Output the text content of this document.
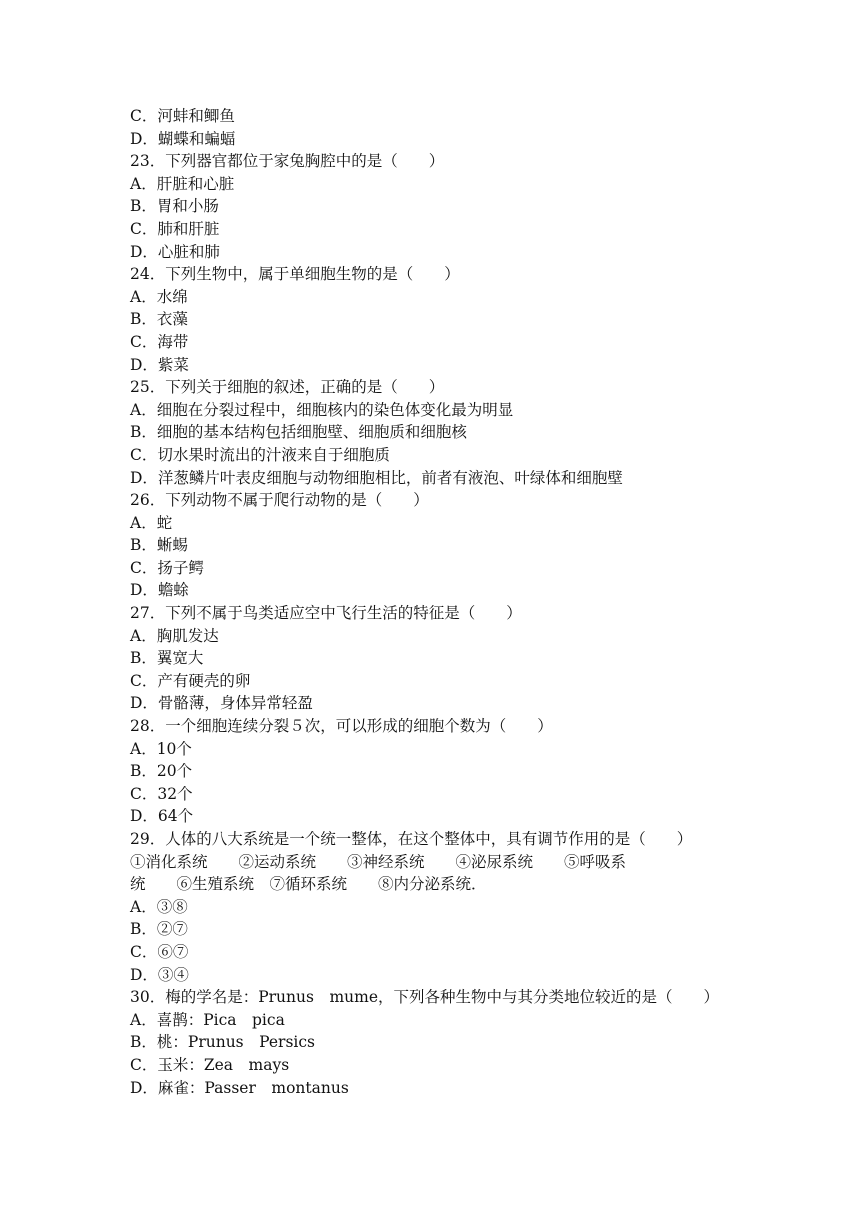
C．河蚌和鲫鱼
D．蝴蝶和蝙蝠
23．下列器官都位于家兔胸腔中的是（　　）
A．肝脏和心脏
B．胃和小肠
C．肺和肝脏
D．心脏和肺
24．下列生物中，属于单细胞生物的是（　　）
A．水绵
B．衣藻
C．海带
D．紫菜
25．下列关于细胞的叙述，正确的是（　　）
A．细胞在分裂过程中，细胞核内的染色体变化最为明显
B．细胞的基本结构包括细胞壁、细胞质和细胞核
C．切水果时流出的汁液来自于细胞质
D．洋葱鳞片叶表皮细胞与动物细胞相比，前者有液泡、叶绿体和细胞壁
26．下列动物不属于爬行动物的是（　　）
A．蛇
B．蜥蜴
C．扬子鳄
D．蟾蜍
27．下列不属于鸟类适应空中飞行生活的特征是（　　）
A．胸肌发达
B．翼宽大
C．产有硬壳的卵
D．骨骼薄，身体异常轻盈
28．一个细胞连续分裂５次，可以形成的细胞个数为（　　）
A．10个
B．20个
C．32个
D．64个
29．人体的八大系统是一个统一整体，在这个整体中，具有调节作用的是（　　）
①消化系统　　②运动系统　　③神经系统　　④泌尿系统　　⑤呼吸系
统　　⑥生殖系统　⑦循环系统　　⑧内分泌系统．
A．③⑧
B．②⑦
C．⑥⑦
D．③④
30．梅的学名是：Prunus　mume，下列各种生物中与其分类地位较近的是（　　）
A．喜鹊：Pica　pica
B．桃：Prunus　Persics
C．玉米：Zea　mays
D．麻雀：Passer　montanus
